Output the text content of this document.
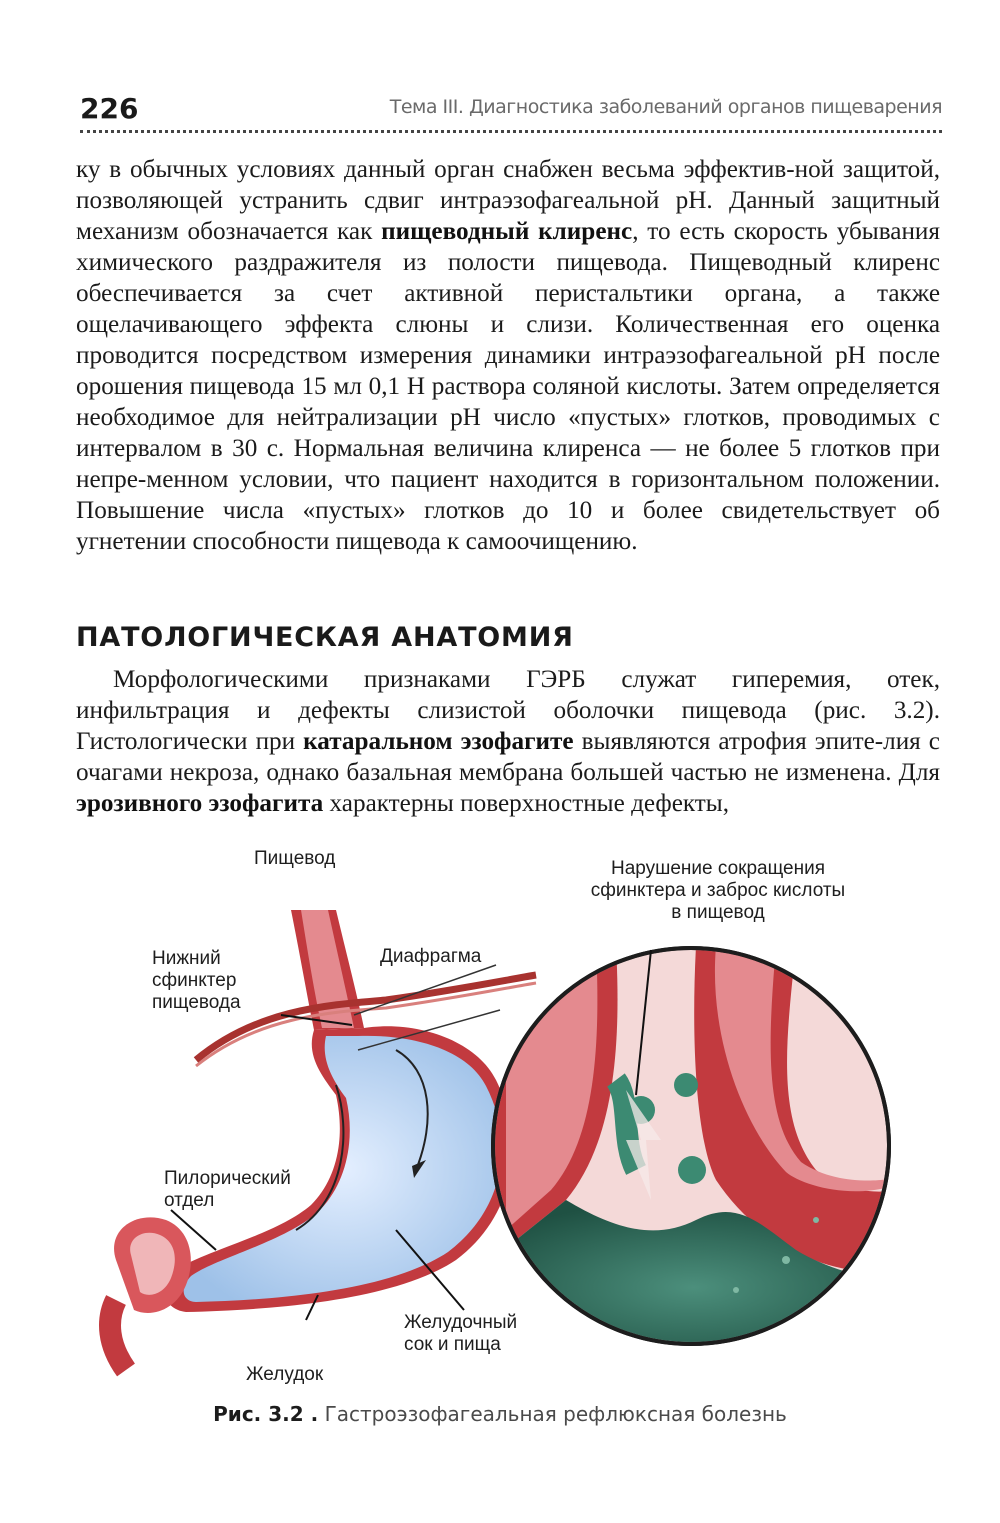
226	Тема III. Диагностика заболеваний органов пищеварения

ку в обычных условиях данный орган снабжен весьма эффектив-ной защитой, позволяющей устранить сдвиг интраэзофагеальной рН. Данный защитный механизм обозначается как пищеводный клиренс, то есть скорость убывания химического раздражителя из полости пищевода. Пищеводный клиренс обеспечивается за счет активной перистальтики органа, а также ощелачивающего эффекта слюны и слизи. Количественная его оценка проводится посредством измерения динамики интраэзофагеальной рН после орошения пищевода 15 мл 0,1 Н раствора соляной кислоты. Затем определяется необходимое для нейтрализации рН число «пустых» глотков, проводимых с интервалом в 30 с. Нормальная величина клиренса — не более 5 глотков при непре-менном условии, что пациент находится в горизонтальном положении. Повышение числа «пустых» глотков до 10 и более свидетельствует об угнетении способности пищевода к самоочищению.

ПАТОЛОГИЧЕСКАЯ АНАТОМИЯ

Морфологическими признаками ГЭРБ служат гиперемия, отек, инфильтрация и дефекты слизистой оболочки пищевода (рис. 3.2). Гистологически при катаральном эзофагите выявляются атрофия эпите-лия с очагами некроза, однако базальная мембрана большей частью не изменена. Для эрозивного эзофагита характерны поверхностные дефекты,

Пищевод
Нижний
сфинктер
пищевода
Диафрагма
Пилорический
отдел
Желудок
Желудочный
сок и пища
Нарушение сокращения
сфинктера и заброс кислоты
в пищевод
Рис. 3.2 . Гастроэзофагеальная рефлюксная болезнь
